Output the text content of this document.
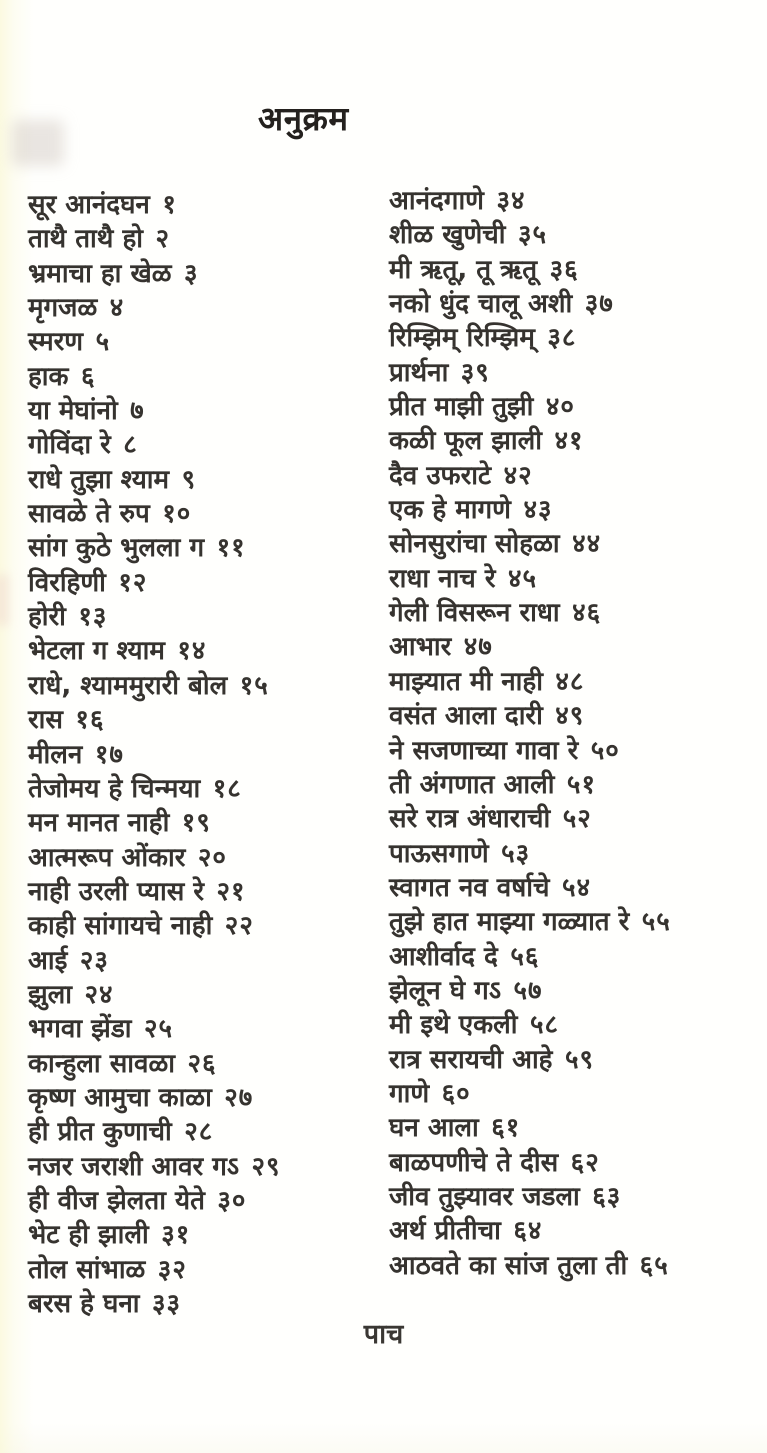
अनुक्रम
सूर आनंदघन १
ताथै ताथै हो २
भ्रमाचा हा खेळ ३
मृगजळ ४
स्मरण ५
हाक ६
या मेघांनो ७
गोविंदा रे ८
राधे तुझा श्याम ९
सावळे ते रुप १०
सांग कुठे भुलला ग ११
विरहिणी १२
होरी १३
भेटला ग श्याम १४
राधे, श्याममुरारी बोल १५
रास १६
मीलन १७
तेजोमय हे चिन्मया १८
मन मानत नाही १९
आत्मरूप ओंकार २०
नाही उरली प्यास रे २१
काही सांगायचे नाही २२
आई २३
झुला २४
भगवा झेंडा २५
कान्हुला सावळा २६
कृष्ण आमुचा काळा २७
ही प्रीत कुणाची २८
नजर जराशी आवर गऽ २९
ही वीज झेलता येते ३०
भेट ही झाली ३१
तोल सांभाळ ३२
बरस हे घना ३३
आनंदगाणे ३४
शीळ खुणेची ३५
मी ऋतू, तू ऋतू ३६
नको धुंद चालू अशी ३७
रिम्झिम् रिम्झिम् ३८
प्रार्थना ३९
प्रीत माझी तुझी ४०
कळी फूल झाली ४१
दैव उफराटे ४२
एक हे मागणे ४३
सोनसुरांचा सोहळा ४४
राधा नाच रे ४५
गेली विसरून राधा ४६
आभार ४७
माझ्यात मी नाही ४८
वसंत आला दारी ४९
ने सजणाच्या गावा रे ५०
ती अंगणात आली ५१
सरे रात्र अंधाराची ५२
पाऊसगाणे ५३
स्वागत नव वर्षाचे ५४
तुझे हात माझ्या गळ्यात रे ५५
आशीर्वाद दे ५६
झेलून घे गऽ ५७
मी इथे एकली ५८
रात्र सरायची आहे ५९
गाणे ६०
घन आला ६१
बाळपणीचे ते दीस ६२
जीव तुझ्यावर जडला ६३
अर्थ प्रीतीचा ६४
आठवते का सांज तुला ती ६५
पाच
